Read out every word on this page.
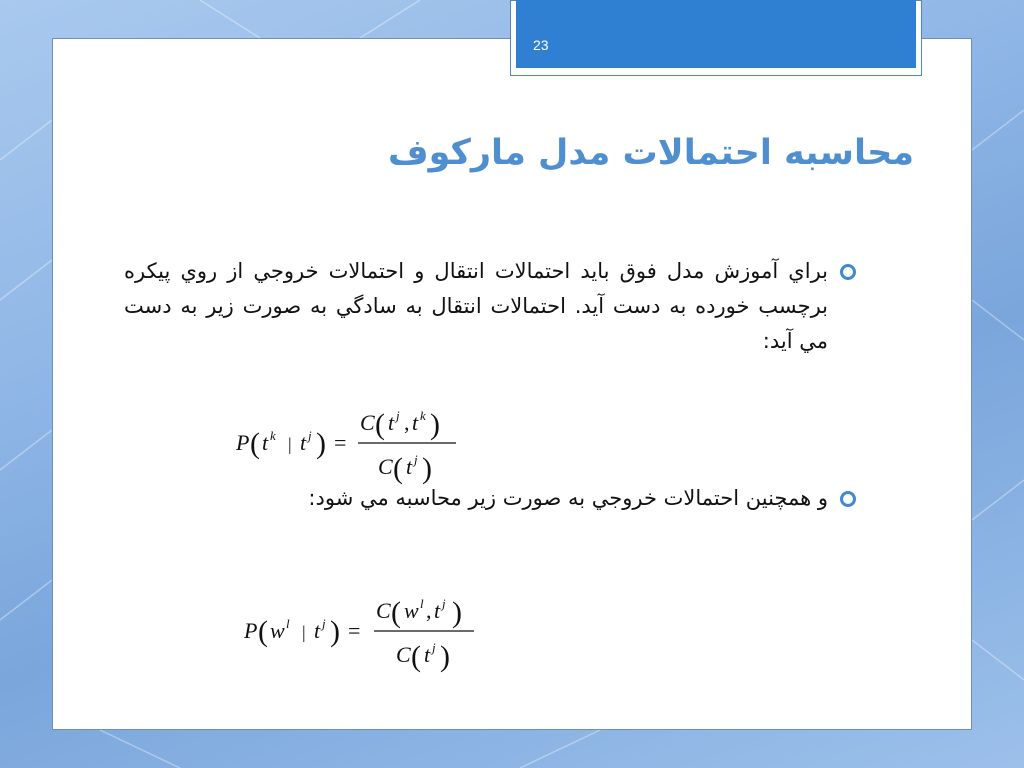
23
محاسبه احتمالات مدل ماركوف
براي آموزش مدل فوق بايد احتمالات انتقال و احتمالات خروجي از روي پيكره برچسب خورده به دست آيد. احتمالات انتقال به سادگي به صورت زير به دست مي آيد:
P ( t k | t j ) =
C ( t j , t k )
C ( t j )
و همچنين احتمالات خروجي به صورت زير محاسبه مي شود:
P ( w l | t j ) =
C ( w l , t j )
C ( t j )
